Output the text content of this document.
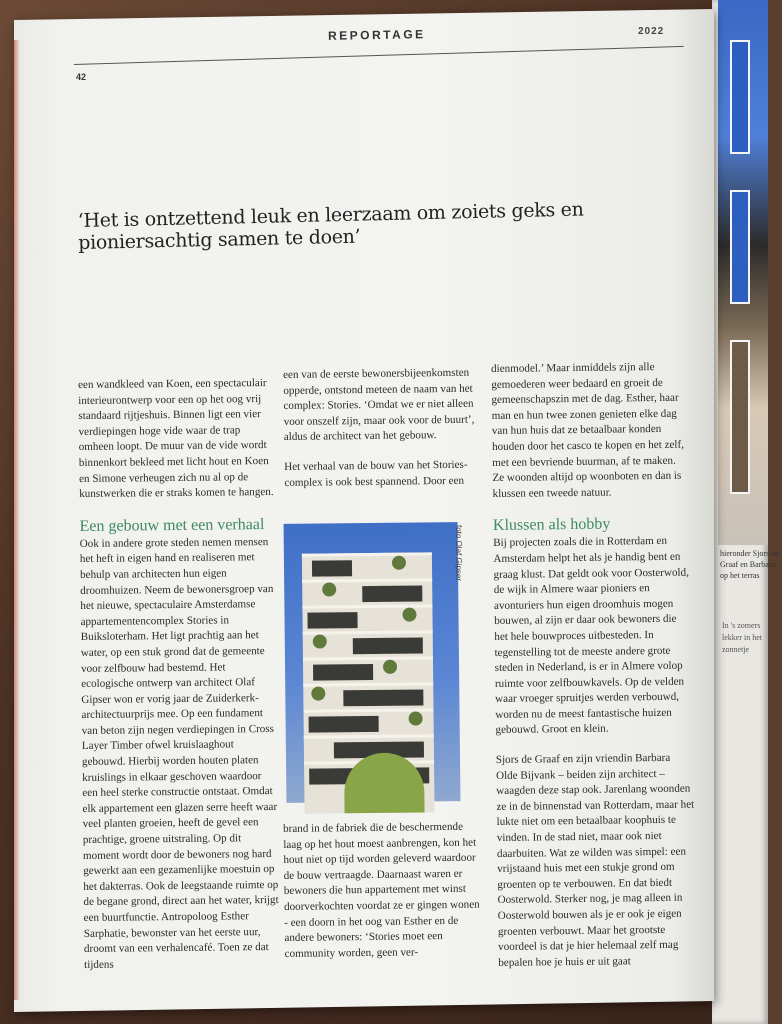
hieronder Sjors de Graaf en Barbara op het terras
In 's zomers lekker in het zonnetje
REPORTAGE	2022
42
‘Het is ontzettend leuk en leerzaam om zoiets geks en pioniersachtig samen te doen’

een wandkleed van Koen, een spectaculair interieurontwerp voor een op het oog vrij standaard rijtjeshuis. Binnen ligt een vier verdiepingen hoge vide waar de trap omheen loopt. De muur van de vide wordt binnenkort bekleed met licht hout en Koen en Simone verheugen zich nu al op de kunstwerken die er straks komen te hangen.

Een gebouw met een verhaal

Ook in andere grote steden nemen mensen het heft in eigen hand en realiseren met behulp van architecten hun eigen droomhuizen. Neem de bewonersgroep van het nieuwe, spectaculaire Amsterdamse appartementencomplex Stories in Buiksloterham. Het ligt prachtig aan het water, op een stuk grond dat de gemeente voor zelfbouw had bestemd. Het ecologische ontwerp van architect Olaf Gipser won er vorig jaar de Zuiderkerk-architectuurprijs mee. Op een fundament van beton zijn negen verdiepingen in Cross Layer Timber ofwel kruislaaghout gebouwd. Hierbij worden houten platen kruislings in elkaar geschoven waardoor een heel sterke constructie ontstaat. Omdat elk appartement een glazen serre heeft waar veel planten groeien, heeft de gevel een prachtige, groene uitstraling. Op dit moment wordt door de bewoners nog hard gewerkt aan een gezamenlijke moestuin op het dakterras. Ook de leegstaande ruimte op de begane grond, direct aan het water, krijgt een buurtfunctie. Antropoloog Esther Sarphatie, bewonster van het eerste uur, droomt van een verhalencafé. Toen ze dat tijdens

een van de eerste bewonersbijeenkomsten opperde, ontstond meteen de naam van het complex: Stories. ‘Omdat we er niet alleen voor onszelf zijn, maar ook voor de buurt’, aldus de architect van het gebouw.

Het verhaal van de bouw van het Stories-complex is ook best spannend. Door een

foto Olaf Gipser

brand in de fabriek die de beschermende laag op het hout moest aanbrengen, kon het hout niet op tijd worden geleverd waardoor de bouw vertraagde. Daarnaast waren er bewoners die hun appartement met winst doorverkochten voordat ze er gingen wonen - een doorn in het oog van Esther en de andere bewoners: ‘Stories moet een community worden, geen ver-

dienmodel.’ Maar inmiddels zijn alle gemoederen weer bedaard en groeit de gemeenschapszin met de dag. Esther, haar man en hun twee zonen genieten elke dag van hun huis dat ze betaalbaar konden houden door het casco te kopen en het zelf, met een bevriende buurman, af te maken. Ze woonden altijd op woonboten en dan is klussen een tweede natuur.

Klussen als hobby

Bij projecten zoals die in Rotterdam en Amsterdam helpt het als je handig bent en graag klust. Dat geldt ook voor Oosterwold, de wijk in Almere waar pioniers en avonturiers hun eigen droomhuis mogen bouwen, al zijn er daar ook bewoners die het hele bouwproces uitbesteden. In tegenstelling tot de meeste andere grote steden in Nederland, is er in Almere volop ruimte voor zelfbouwkavels. Op de velden waar vroeger spruitjes werden verbouwd, worden nu de meest fantastische huizen gebouwd. Groot en klein.

Sjors de Graaf en zijn vriendin Barbara Olde Bijvank – beiden zijn architect – waagden deze stap ook. Jarenlang woonden ze in de binnenstad van Rotterdam, maar het lukte niet om een betaalbaar koophuis te vinden. In de stad niet, maar ook niet daarbuiten. Wat ze wilden was simpel: een vrijstaand huis met een stukje grond om groenten op te verbouwen. En dat biedt Oosterwold. Sterker nog, je mag alleen in Oosterwold bouwen als je er ook je eigen groenten verbouwt. Maar het grootste voordeel is dat je hier helemaal zelf mag bepalen hoe je huis er uit gaat
